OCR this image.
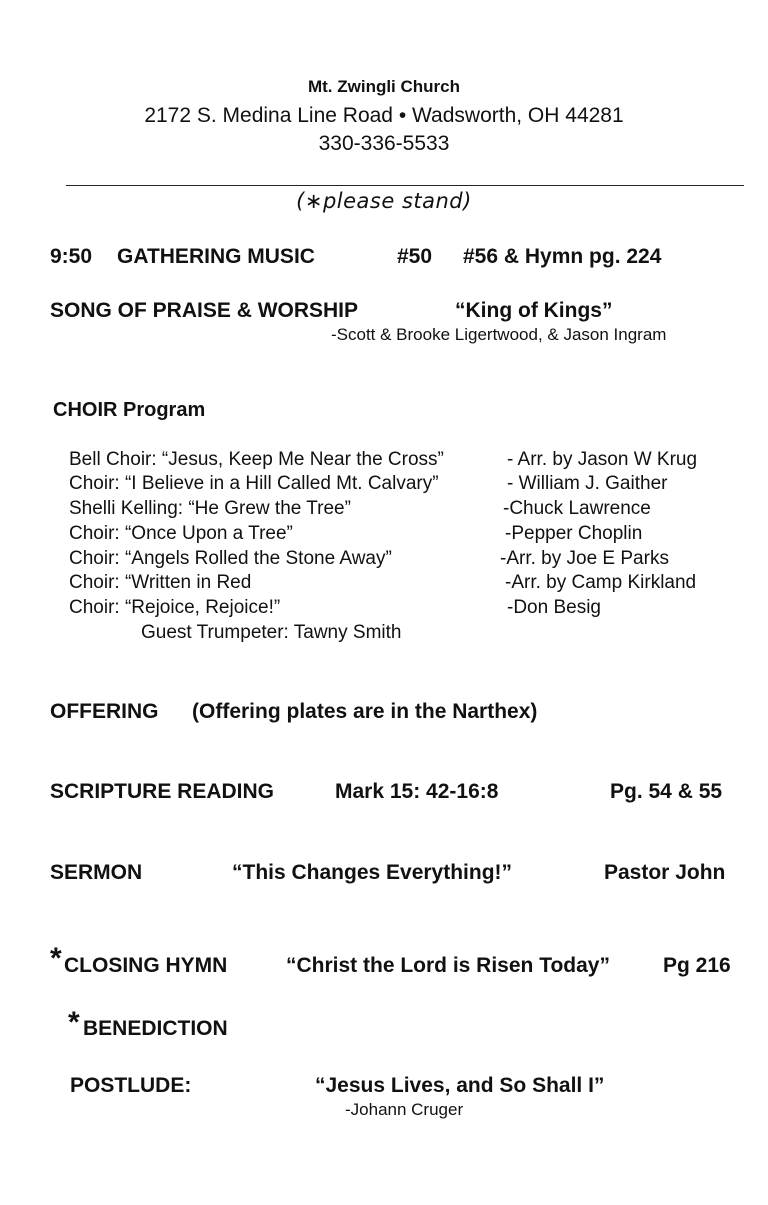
Mt. Zwingli Church
2172 S. Medina Line Road • Wadsworth, OH 44281
330-336-5533
(∗please stand)
9:50 GATHERING MUSIC	#50 #56 & Hymn pg. 224
SONG OF PRAISE & WORSHIP	“King of Kings”
-Scott & Brooke Ligertwood, & Jason Ingram
CHOIR Program
Bell Choir: “Jesus, Keep Me Near the Cross”	- Arr. by Jason W Krug
Choir: “I Believe in a Hill Called Mt. Calvary”	- William J. Gaither
Shelli Kelling: “He Grew the Tree”	-Chuck Lawrence
Choir: “Once Upon a Tree”	-Pepper Choplin
Choir: “Angels Rolled the Stone Away”	-Arr. by Joe E Parks
Choir: “Written in Red	-Arr. by Camp Kirkland
Choir: “Rejoice, Rejoice!”	-Don Besig
Guest Trumpeter: Tawny Smith
OFFERING (Offering plates are in the Narthex)
SCRIPTURE READING	Mark 15: 42-16:8	Pg. 54 & 55
SERMON	“This Changes Everything!”	Pastor John
* CLOSING HYMN	“Christ the Lord is Risen Today”	Pg 216
* BENEDICTION
POSTLUDE:	“Jesus Lives, and So Shall I”
-Johann Cruger
